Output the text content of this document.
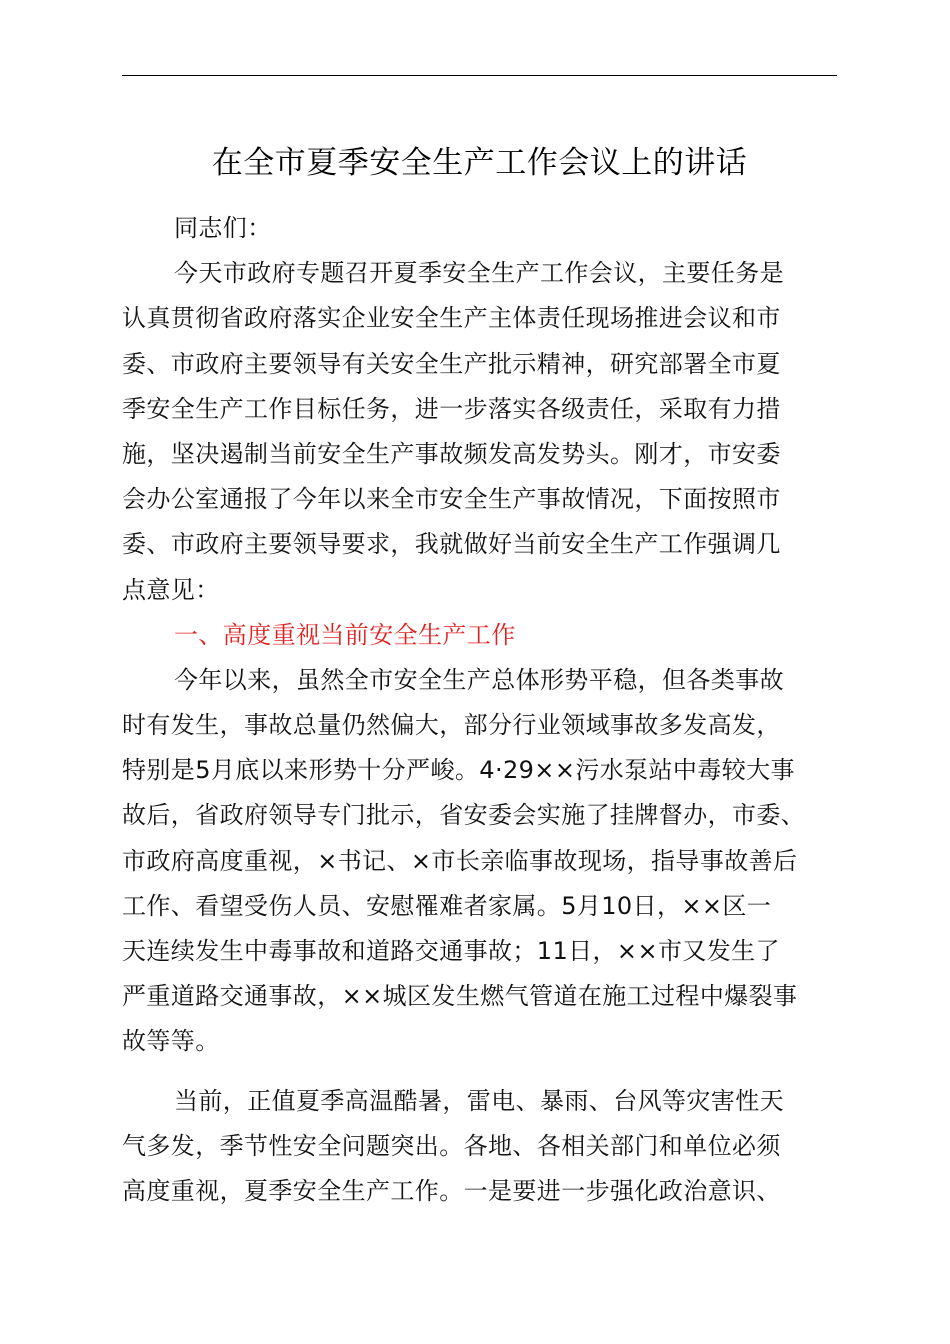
在全市夏季安全生产工作会议上的讲话
同志们：
今天市政府专题召开夏季安全生产工作会议，主要任务是
认真贯彻省政府落实企业安全生产主体责任现场推进会议和市
委、市政府主要领导有关安全生产批示精神，研究部署全市夏
季安全生产工作目标任务，进一步落实各级责任，采取有力措
施，坚决遏制当前安全生产事故频发高发势头。刚才，市安委
会办公室通报了今年以来全市安全生产事故情况，下面按照市
委、市政府主要领导要求，我就做好当前安全生产工作强调几
点意见：
一、高度重视当前安全生产工作
今年以来，虽然全市安全生产总体形势平稳，但各类事故
时有发生，事故总量仍然偏大，部分行业领域事故多发高发，
特别是5月底以来形势十分严峻。4·29××污水泵站中毒较大事
故后，省政府领导专门批示，省安委会实施了挂牌督办，市委、
市政府高度重视，×书记、×市长亲临事故现场，指导事故善后
工作、看望受伤人员、安慰罹难者家属。5月10日，××区一
天连续发生中毒事故和道路交通事故；11日，××市又发生了
严重道路交通事故，××城区发生燃气管道在施工过程中爆裂事
故等等。
当前，正值夏季高温酷暑，雷电、暴雨、台风等灾害性天
气多发，季节性安全问题突出。各地、各相关部门和单位必须
高度重视，夏季安全生产工作。一是要进一步强化政治意识、
